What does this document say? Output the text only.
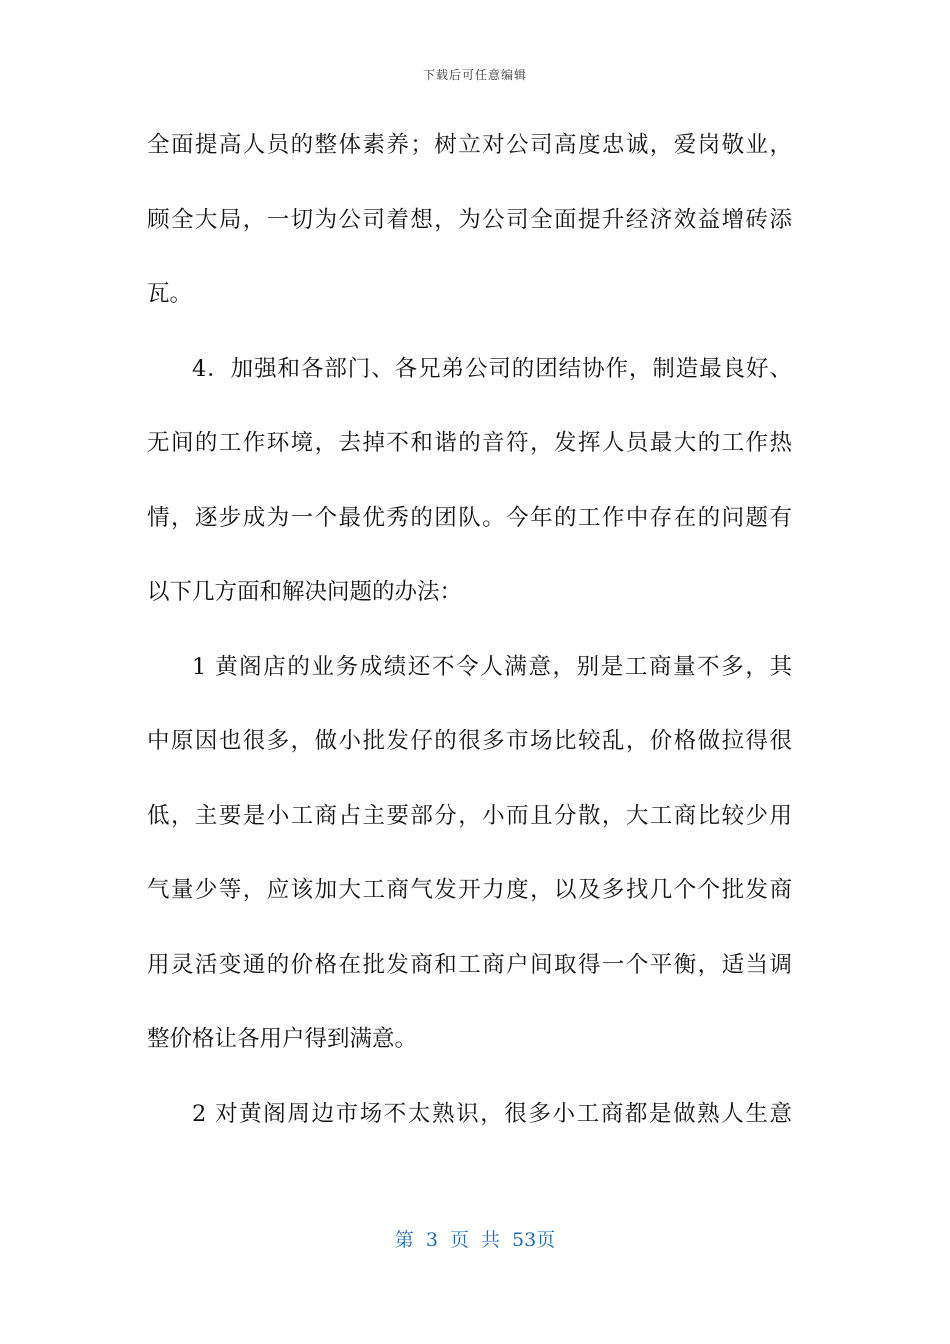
下载后可任意编辑
全面提高人员的整体素养；树立对公司高度忠诚，爱岗敬业，
顾全大局，一切为公司着想，为公司全面提升经济效益增砖添
瓦。
4．加强和各部门、各兄弟公司的团结协作，制造最良好、
无间的工作环境，去掉不和谐的音符，发挥人员最大的工作热
情，逐步成为一个最优秀的团队。今年的工作中存在的问题有
以下几方面和解决问题的办法：
1 黄阁店的业务成绩还不令人满意，别是工商量不多，其
中原因也很多，做小批发仔的很多市场比较乱，价格做拉得很
低，主要是小工商占主要部分，小而且分散，大工商比较少用
气量少等，应该加大工商气发开力度，以及多找几个个批发商
用灵活变通的价格在批发商和工商户间取得一个平衡，适当调
整价格让各用户得到满意。
2 对黄阁周边市场不太熟识，很多小工商都是做熟人生意
第 3 页 共 53页
